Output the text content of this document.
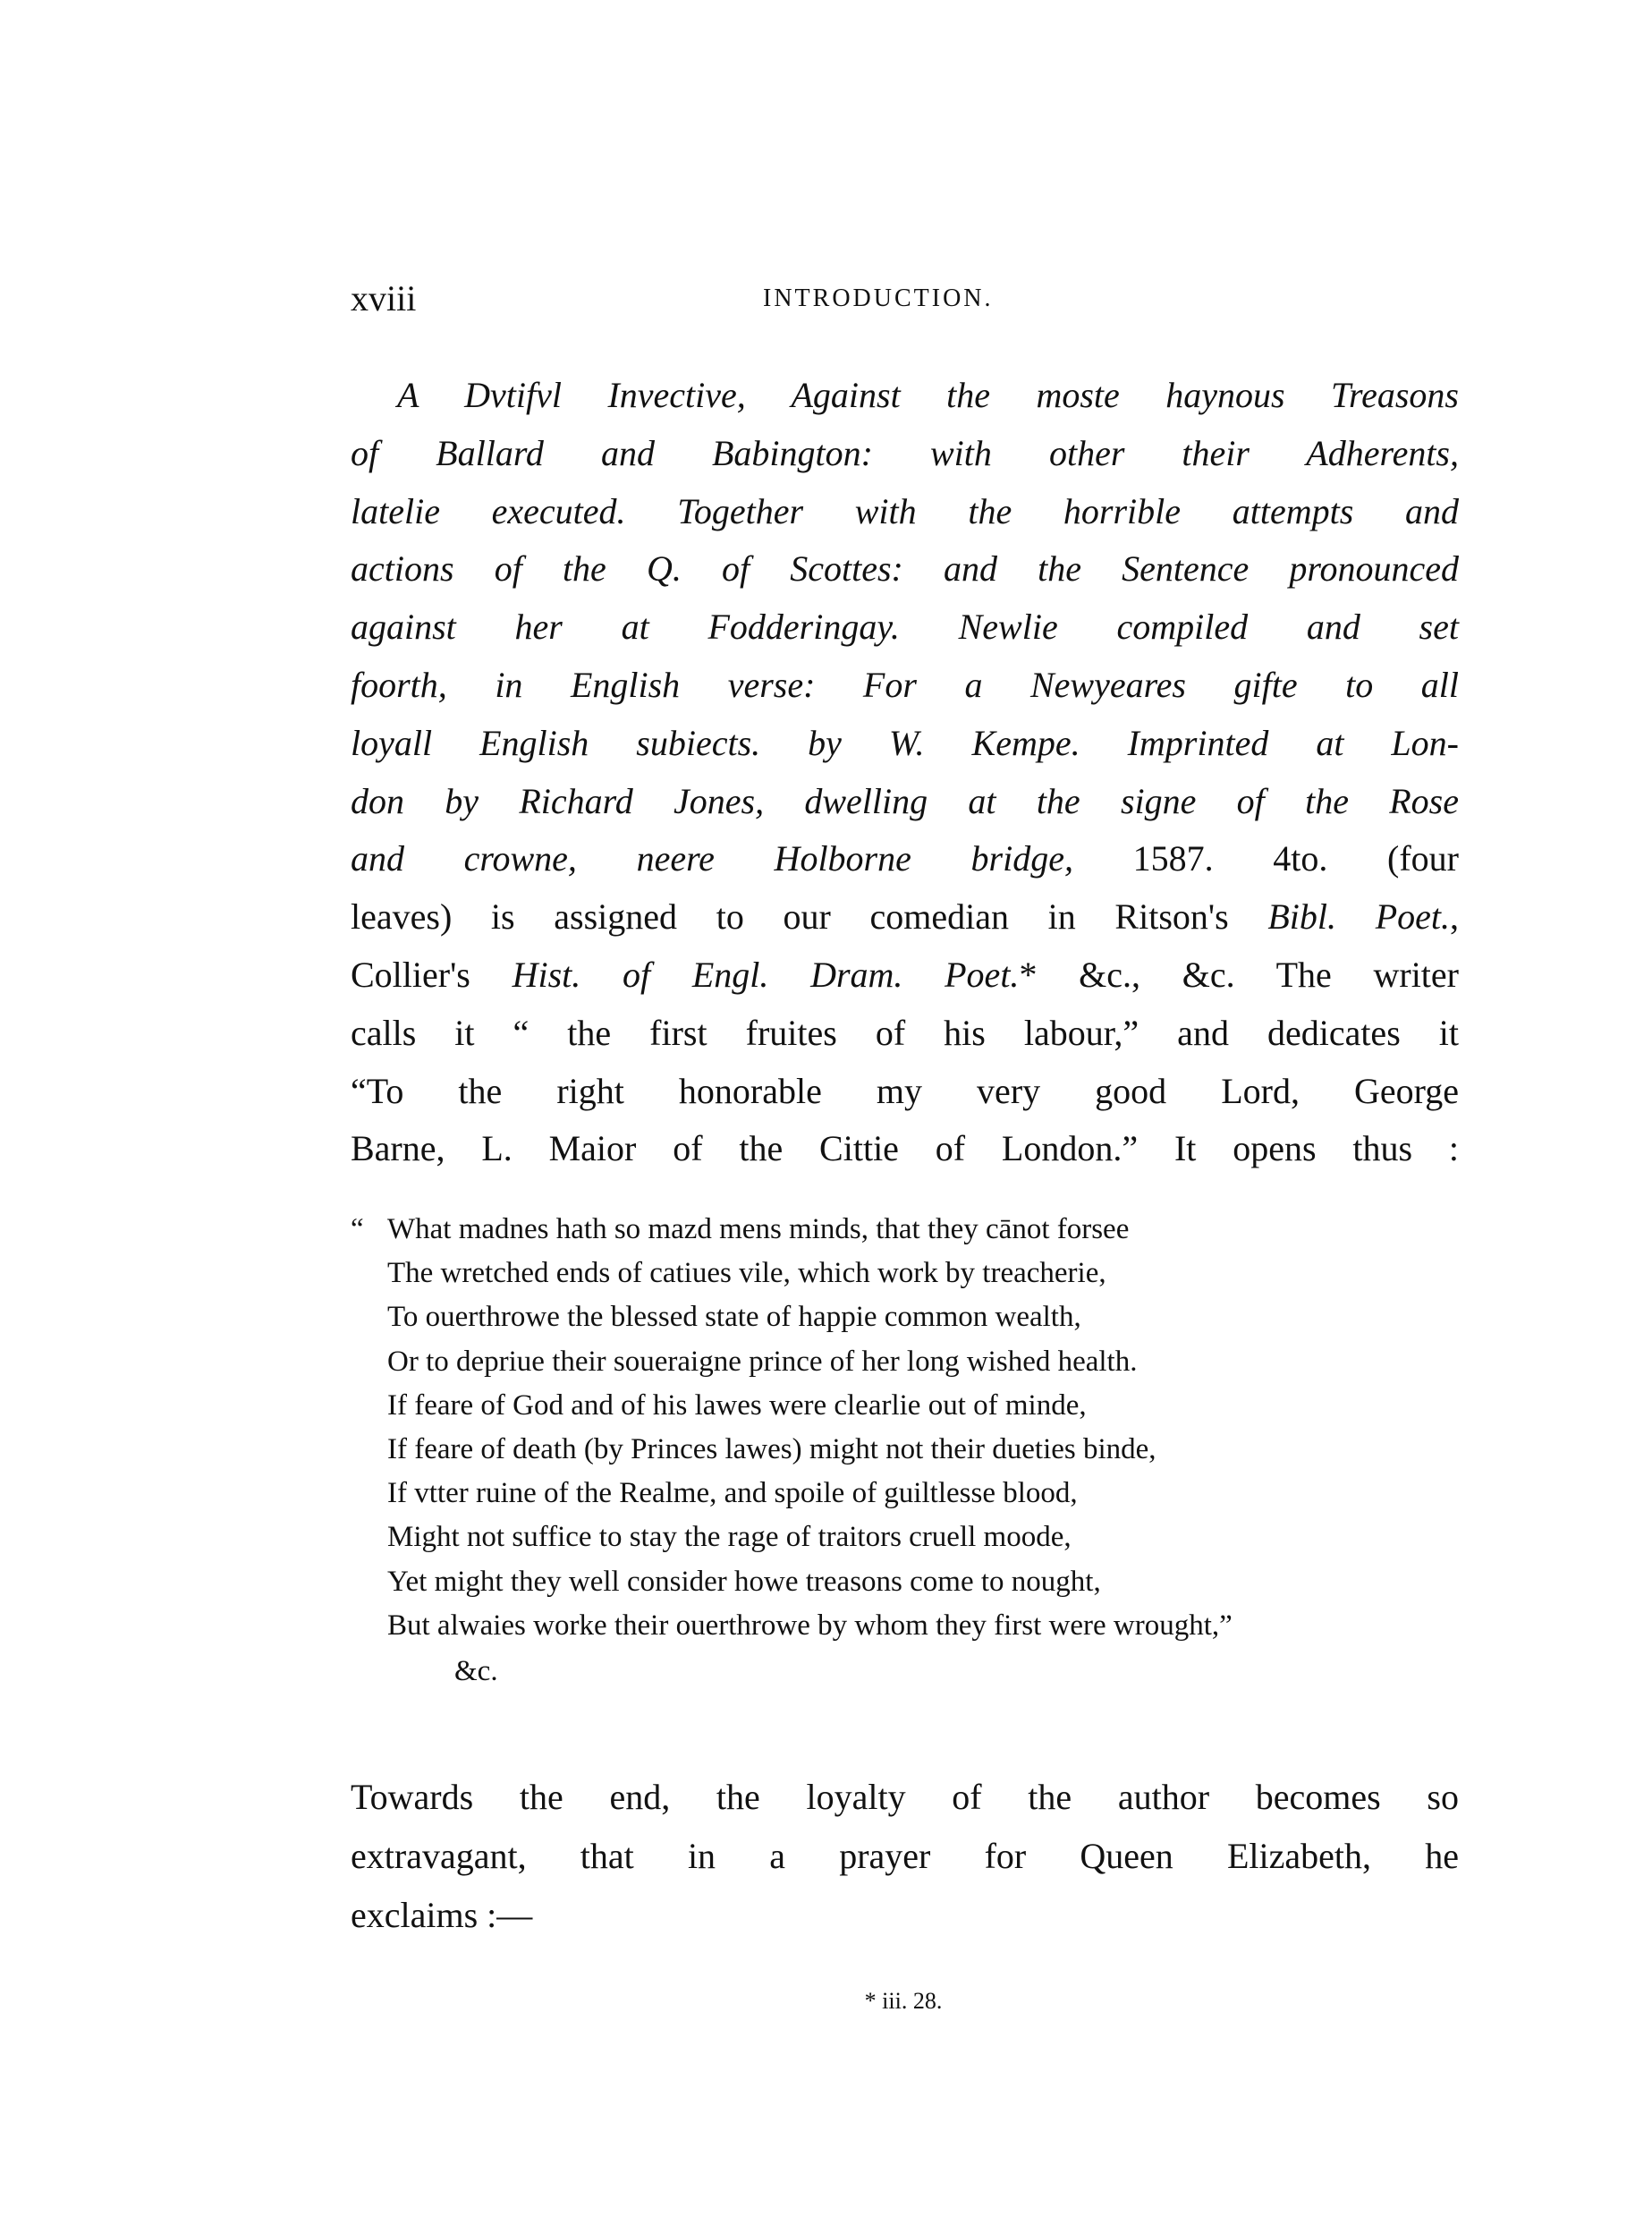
xviii	INTRODUCTION.
A Dvtifvl Invective, Against the moste haynous Treasons
of Ballard and Babington: with other their Adherents,
latelie executed. Together with the horrible attempts and
actions of the Q. of Scottes: and the Sentence pronounced
against her at Fodderingay. Newlie compiled and set
foorth, in English verse: For a Newyeares gifte to all
loyall English subiects. by W. Kempe. Imprinted at Lon-
don by Richard Jones, dwelling at the signe of the Rose
and crowne, neere Holborne bridge, 1587. 4to. (four
leaves) is assigned to our comedian in Ritson's Bibl. Poet.,
Collier's Hist. of Engl. Dram. Poet.* &c., &c. The writer
calls it “ the first fruites of his labour,” and dedicates it
“To the right honorable my very good Lord, George
Barne, L. Maior of the Cittie of London.” It opens thus :
“ What madnes hath so mazd mens minds, that they cānot forsee
The wretched ends of catiues vile, which work by treacherie,
To ouerthrowe the blessed state of happie common wealth,
Or to depriue their soueraigne prince of her long wished health.
If feare of God and of his lawes were clearlie out of minde,
If feare of death (by Princes lawes) might not their dueties binde,
If vtter ruine of the Realme, and spoile of guiltlesse blood,
Might not suffice to stay the rage of traitors cruell moode,
Yet might they well consider howe treasons come to nought,
But alwaies worke their ouerthrowe by whom they first were wrought,”
&c.
Towards the end, the loyalty of the author becomes so
extravagant, that in a prayer for Queen Elizabeth, he
exclaims :—
* iii. 28.
